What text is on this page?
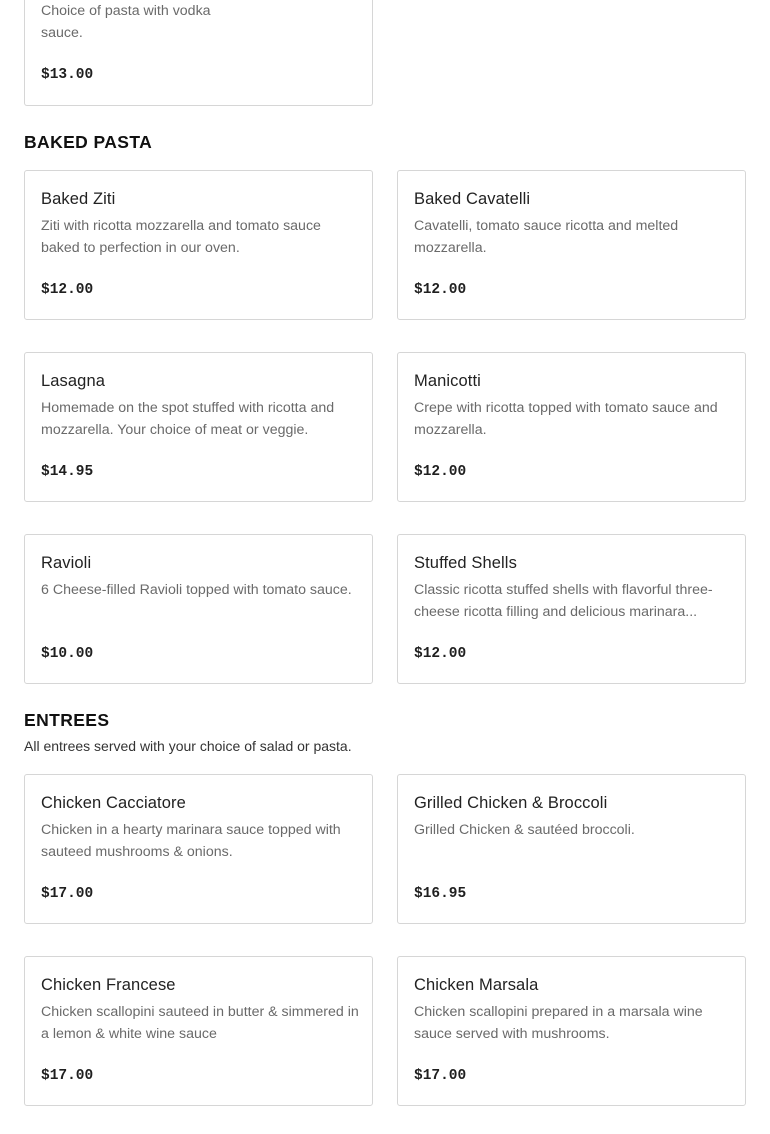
Choice of pasta with vodka sauce.
$13.00
BAKED PASTA
Baked Ziti
Ziti with ricotta mozzarella and tomato sauce baked to perfection in our oven.
$12.00
Baked Cavatelli
Cavatelli, tomato sauce ricotta and melted mozzarella.
$12.00
Lasagna
Homemade on the spot stuffed with ricotta and mozzarella. Your choice of meat or veggie.
$14.95
Manicotti
Crepe with ricotta topped with tomato sauce and mozzarella.
$12.00
Ravioli
6 Cheese-filled Ravioli topped with tomato sauce.
$10.00
Stuffed Shells
Classic ricotta stuffed shells with flavorful three-cheese ricotta filling and delicious marinara...
$12.00
ENTREES
All entrees served with your choice of salad or pasta.
Chicken Cacciatore
Chicken in a hearty marinara sauce topped with sauteed mushrooms & onions.
$17.00
Grilled Chicken & Broccoli
Grilled Chicken & sautéed broccoli.
$16.95
Chicken Francese
Chicken scallopini sauteed in butter & simmered in a lemon & white wine sauce
$17.00
Chicken Marsala
Chicken scallopini prepared in a marsala wine sauce served with mushrooms.
$17.00
